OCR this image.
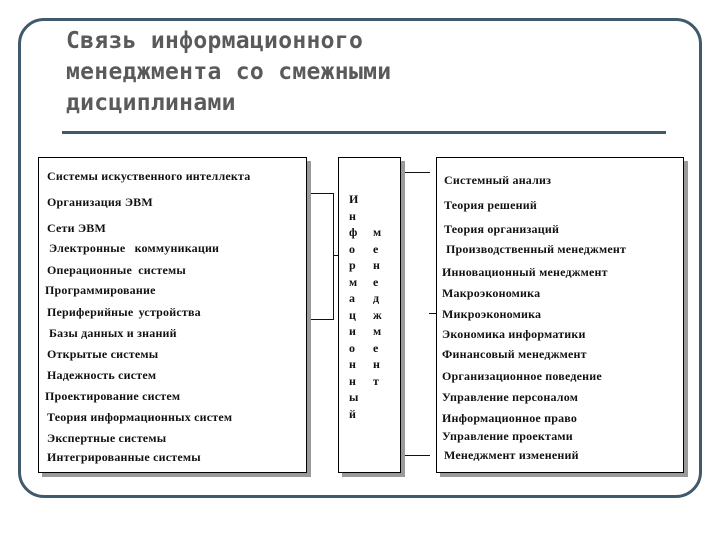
Связь информационного
менеджмента со смежными
дисциплинами
Системы искуственного интеллекта
Организация ЭВМ
Сети ЭВМ
Электронные коммуникации
Операционные системы
Программирование
Периферийные устройства
Базы данных и знаний
Открытые системы
Надежность систем
Проектирование систем
Теория информационных систем
Экспертные системы
Интегрированные системы
И
н
ф
о
р
м
а
ц
и
о
н
н
ы
й
м
е
н
е
д
ж
м
е
н
т
Системный анализ
Теория решений
Теория организаций
Производственный менеджмент
Инновационный менеджмент
Макроэкономика
Микроэкономика
Экономика информатики
Финансовый менеджмент
Организационное поведение
Управление персоналом
Информационное право
Управление проектами
Менеджмент изменений
